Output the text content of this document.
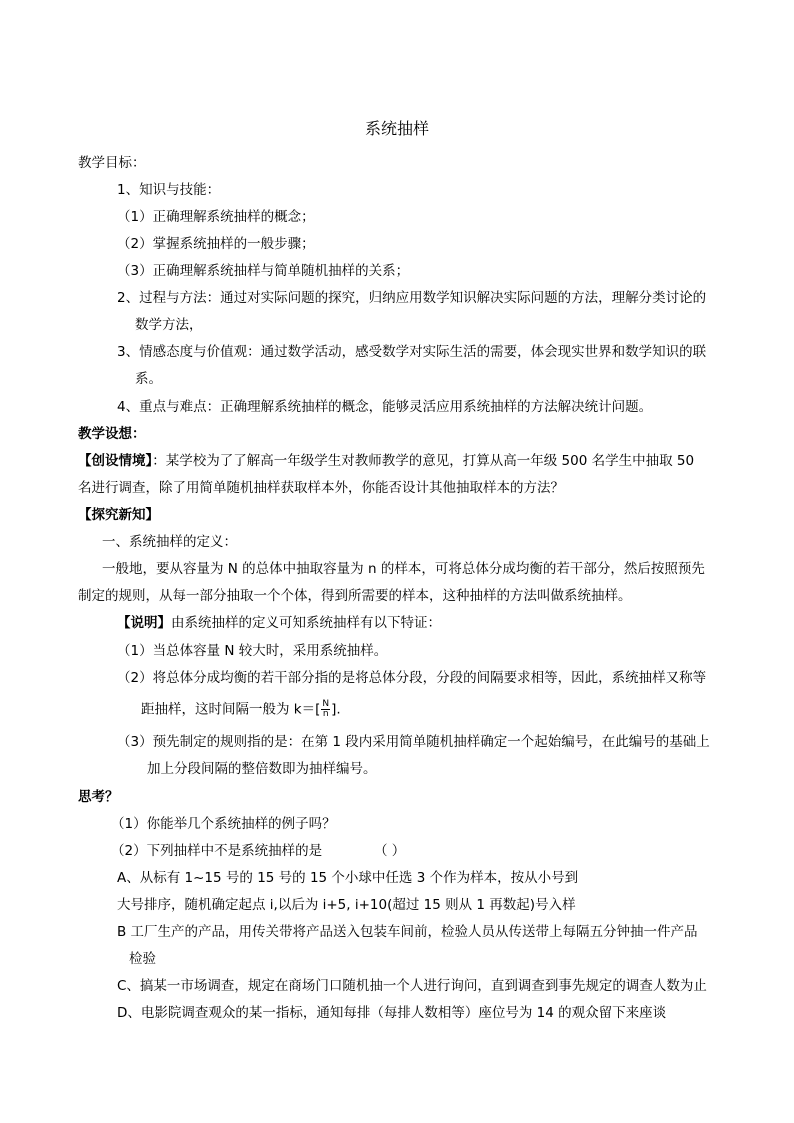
系统抽样
教学目标：
1、知识与技能：
（1）正确理解系统抽样的概念；
（2）掌握系统抽样的一般步骤；
（3）正确理解系统抽样与简单随机抽样的关系；
2、过程与方法：通过对实际问题的探究，归纳应用数学知识解决实际问题的方法，理解分类讨论的
数学方法，
3、情感态度与价值观：通过数学活动，感受数学对实际生活的需要，体会现实世界和数学知识的联
系。
4、重点与难点：正确理解系统抽样的概念，能够灵活应用系统抽样的方法解决统计问题。
教学设想：
【创设情境】：某学校为了了解高一年级学生对教师教学的意见，打算从高一年级 500 名学生中抽取 50
名进行调查，除了用简单随机抽样获取样本外，你能否设计其他抽取样本的方法？
【探究新知】
一、系统抽样的定义：
一般地，要从容量为 N 的总体中抽取容量为 n 的样本，可将总体分成均衡的若干部分，然后按照预先
制定的规则，从每一部分抽取一个个体，得到所需要的样本，这种抽样的方法叫做系统抽样。
【说明】由系统抽样的定义可知系统抽样有以下特证：
（1）当总体容量 N 较大时，采用系统抽样。
（2）将总体分成均衡的若干部分指的是将总体分段，分段的间隔要求相等，因此，系统抽样又称等
距抽样，这时间隔一般为 $k=[ \frac{N}{n}$ ].
（3）预先制定的规则指的是：在第 1 段内采用简单随机抽样确定一个起始编号，在此编号的基础上
加上分段间隔的整倍数即为抽样编号。
思考？
（1）你能举几个系统抽样的例子吗？
（2）下列抽样中不是系统抽样的是	（ ）
A、从标有 1~15 号的 15 号的 15 个小球中任选 3 个作为样本，按从小号到
大号排序，随机确定起点 i,以后为 i+5, i+10(超过 15 则从 1 再数起)号入样
B 工厂生产的产品，用传关带将产品送入包装车间前，检验人员从传送带上每隔五分钟抽一件产品
检验
C、搞某一市场调查，规定在商场门口随机抽一个人进行询问，直到调查到事先规定的调查人数为止
D、电影院调查观众的某一指标，通知每排（每排人数相等）座位号为 14 的观众留下来座谈
